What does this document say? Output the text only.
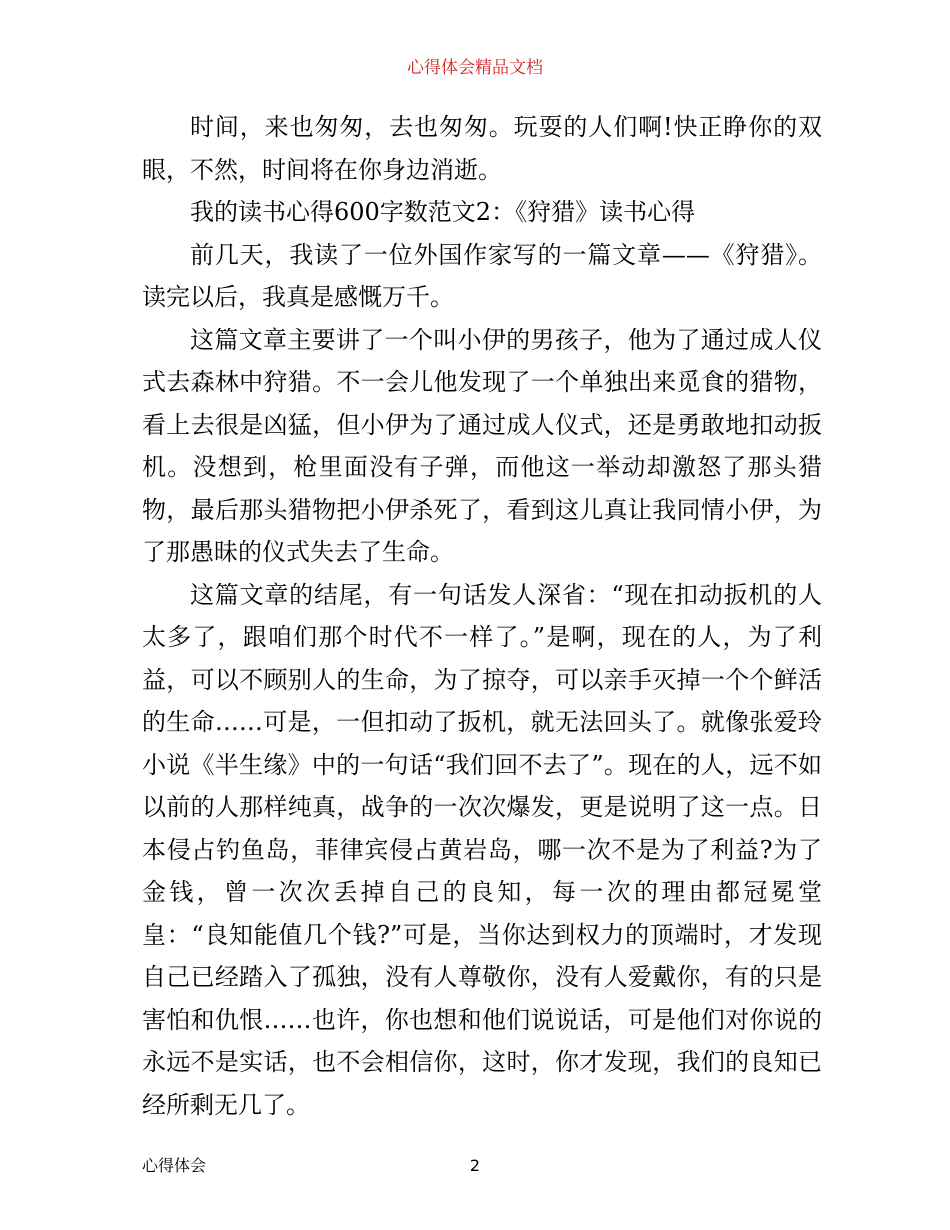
心得体会精品文档

时间，来也匆匆，去也匆匆。玩耍的人们啊!快正睁你的双眼，不然，时间将在你身边消逝。

我的读书心得600字数范文2：《狩猎》读书心得

前几天，我读了一位外国作家写的一篇文章——《狩猎》。读完以后，我真是感慨万千。

这篇文章主要讲了一个叫小伊的男孩子，他为了通过成人仪式去森林中狩猎。不一会儿他发现了一个单独出来觅食的猎物，看上去很是凶猛，但小伊为了通过成人仪式，还是勇敢地扣动扳机。没想到，枪里面没有子弹，而他这一举动却激怒了那头猎物，最后那头猎物把小伊杀死了，看到这儿真让我同情小伊，为了那愚昧的仪式失去了生命。

这篇文章的结尾，有一句话发人深省：“现在扣动扳机的人太多了，跟咱们那个时代不一样了。”是啊，现在的人，为了利益，可以不顾别人的生命，为了掠夺，可以亲手灭掉一个个鲜活的生命……可是，一但扣动了扳机，就无法回头了。就像张爱玲小说《半生缘》中的一句话“我们回不去了”。现在的人，远不如以前的人那样纯真，战争的一次次爆发，更是说明了这一点。日本侵占钓鱼岛，菲律宾侵占黄岩岛，哪一次不是为了利益?为了金钱，曾一次次丢掉自己的良知，每一次的理由都冠冕堂皇：“良知能值几个钱?”可是，当你达到权力的顶端时，才发现自己已经踏入了孤独，没有人尊敬你，没有人爱戴你，有的只是害怕和仇恨……也许，你也想和他们说说话，可是他们对你说的永远不是实话，也不会相信你，这时，你才发现，我们的良知已经所剩无几了。

心得体会	2
